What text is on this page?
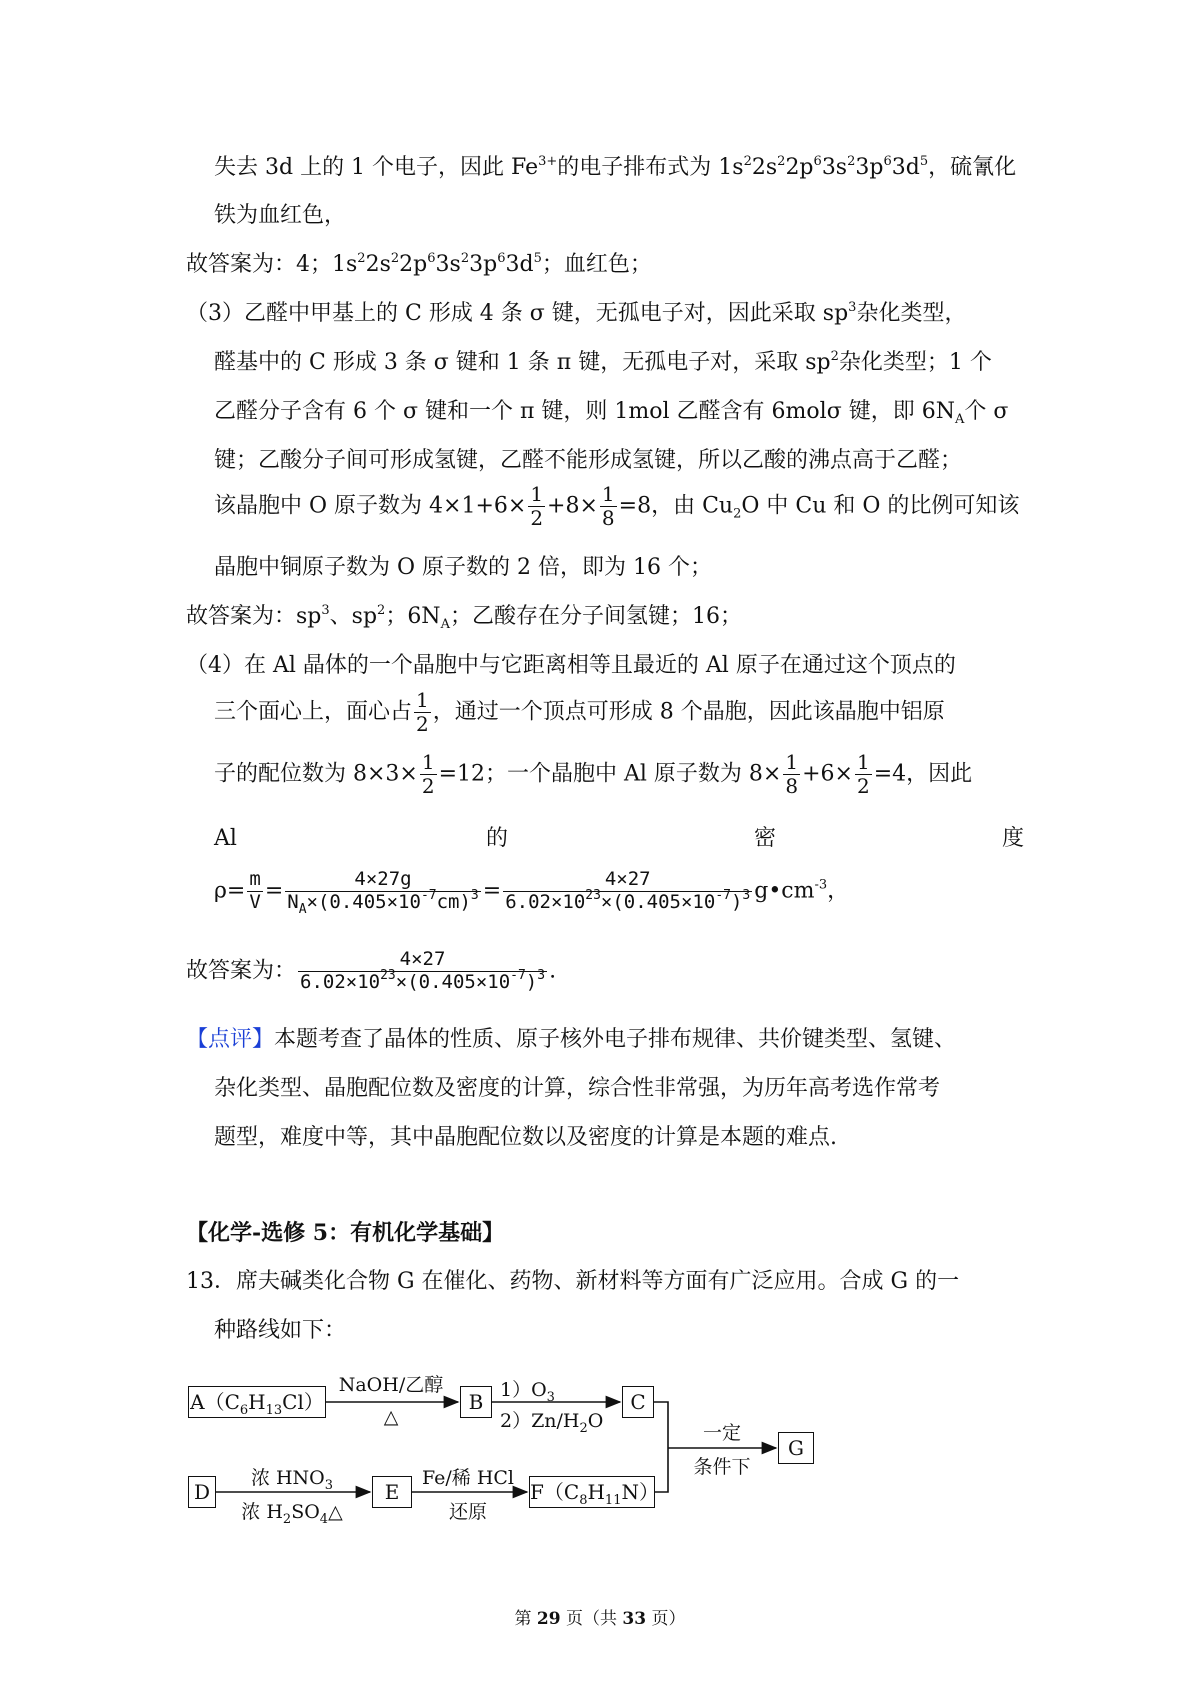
失去 3d 上的 1 个电子，因此 $Fe^{3+}$的电子排布式为 $1s^22s^22p^63s^23p^63d^5$，硫氰化
铁为血红色，
故答案为：4；$1s^22s^22p^63s^23p^63d^5$；血红色；
（3）乙醛中甲基上的 C 形成 4 条 σ 键，无孤电子对，因此采取 $sp^3$杂化类型，
醛基中的 C 形成 3 条 σ 键和 1 条 π 键，无孤电子对，采取 $sp^2$杂化类型；1 个
乙醛分子含有 6 个 σ 键和一个 π 键，则 1mol 乙醛含有 6molσ 键，即 $6N_A$个 σ
键；乙酸分子间可形成氢键，乙醛不能形成氢键，所以乙酸的沸点高于乙醛；
该晶胞中 O 原子数为 $4\times 1+6\times \frac{1}{2} +8\times \frac{1}{8} =8$，由 $Cu_2O$ 中 Cu 和 O 的比例可知该
晶胞中铜原子数为 O 原子数的 2 倍，即为 16 个；
故答案为：$sp^3$、$sp^2$；$6N_A$；乙酸存在分子间氢键；16；
（4）在 Al 晶体的一个晶胞中与它距离相等且最近的 Al 原子在通过这个顶点的
三个面心上，面心占 $\frac{1}{2}$ ，通过一个顶点可形成 8 个晶胞，因此该晶胞中铝原
子的配位数为 $8\times 3\times \frac{1}{2} =12$；一个晶胞中 Al 原子数为 $8\times \frac{1}{8} +6\times \frac{1}{2} =4$，因此
Al	的	密	度
$\rho= \frac{m}{V} = \frac{4\times 27g}{N_A\times(0.405\times 10^{-7}cm)^3} = \frac{4\times 27}{6.02\times 10^{23}\times(0.405\times 10^{-7})^3}$ $g•cm^{-3}$，
故答案为： $\frac{4\times 27}{6.02\times 10^{23}\times(0.405\times 10^{-7})^3}$ .
【点评】本题考查了晶体的性质、原子核外电子排布规律、共价键类型、氢键、
杂化类型、晶胞配位数及密度的计算，综合性非常强，为历年高考选作常考
题型，难度中等，其中晶胞配位数以及密度的计算是本题的难点.
【化学-选修 5：有机化学基础】
13．席夫碱类化合物 G 在催化、药物、新材料等方面有广泛应用。合成 G 的一
种路线如下：
$A(C_6H_{13}Cl)$	B	C
D	E	$F(C_8H_{11}N)$
G
NaOH/乙醇
△
$1)O_3$
$2)Zn/H_2O$
浓 $HNO_3$
浓 $H_2SO_4\triangle$
Fe/稀 HCl
还原
一定
条件下
第 29 页（共 33 页）
